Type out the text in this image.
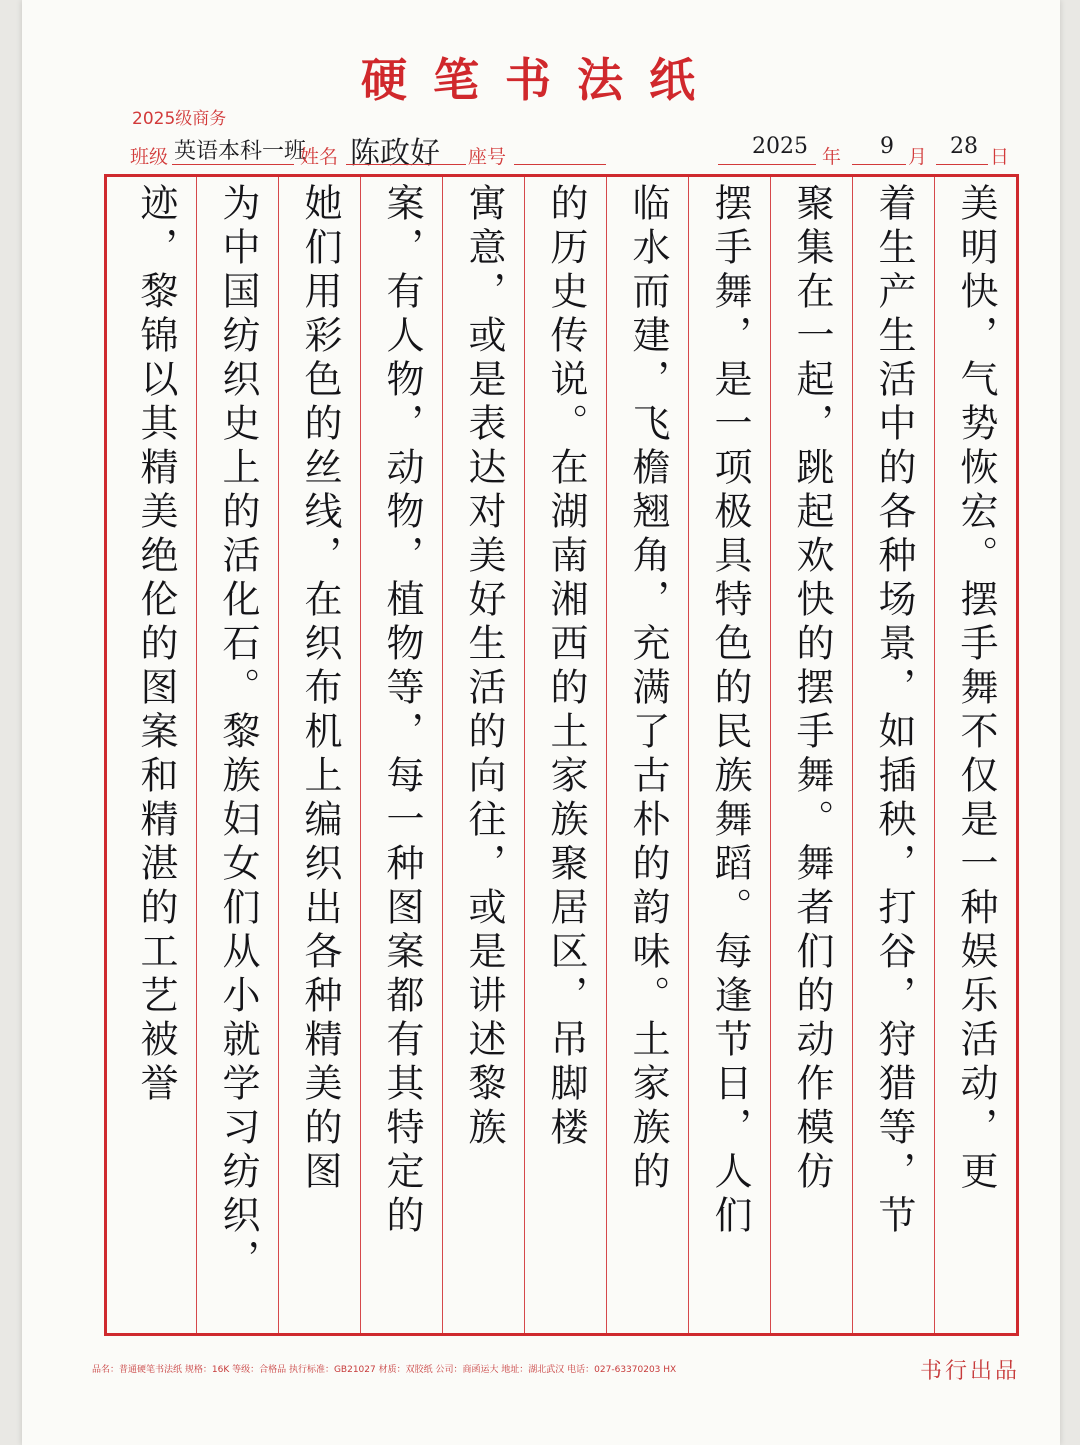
硬笔书法纸
2025级商务
班级 英语本科一班
姓名 陈政好 座号	2025 年 9 月 28 日
美明快，气势恢宏。摆手舞不仅是一种娱乐活动，更
着生产生活中的各种场景，如插秧，打谷，狩猎等，节
聚集在一起，跳起欢快的摆手舞。舞者们的动作模仿
摆手舞，是一项极具特色的民族舞蹈。每逢节日，人们
临水而建，飞檐翘角，充满了古朴的韵味。土家族的
的历史传说。在湖南湘西的土家族聚居区，吊脚楼
寓意，或是表达对美好生活的向往，或是讲述黎族
案，有人物，动物，植物等，每一种图案都有其特定的
她们用彩色的丝线，在织布机上编织出各种精美的图
为中国纺织史上的活化石。黎族妇女们从小就学习纺织，
迹，黎锦以其精美绝伦的图案和精湛的工艺被誉
品名：普通硬笔书法纸 规格：16K 等级：合格品 执行标准：GB21027 材质：双胶纸 公司：商函运大 地址：湖北武汉 电话：027-63370203 HX	书行出品
